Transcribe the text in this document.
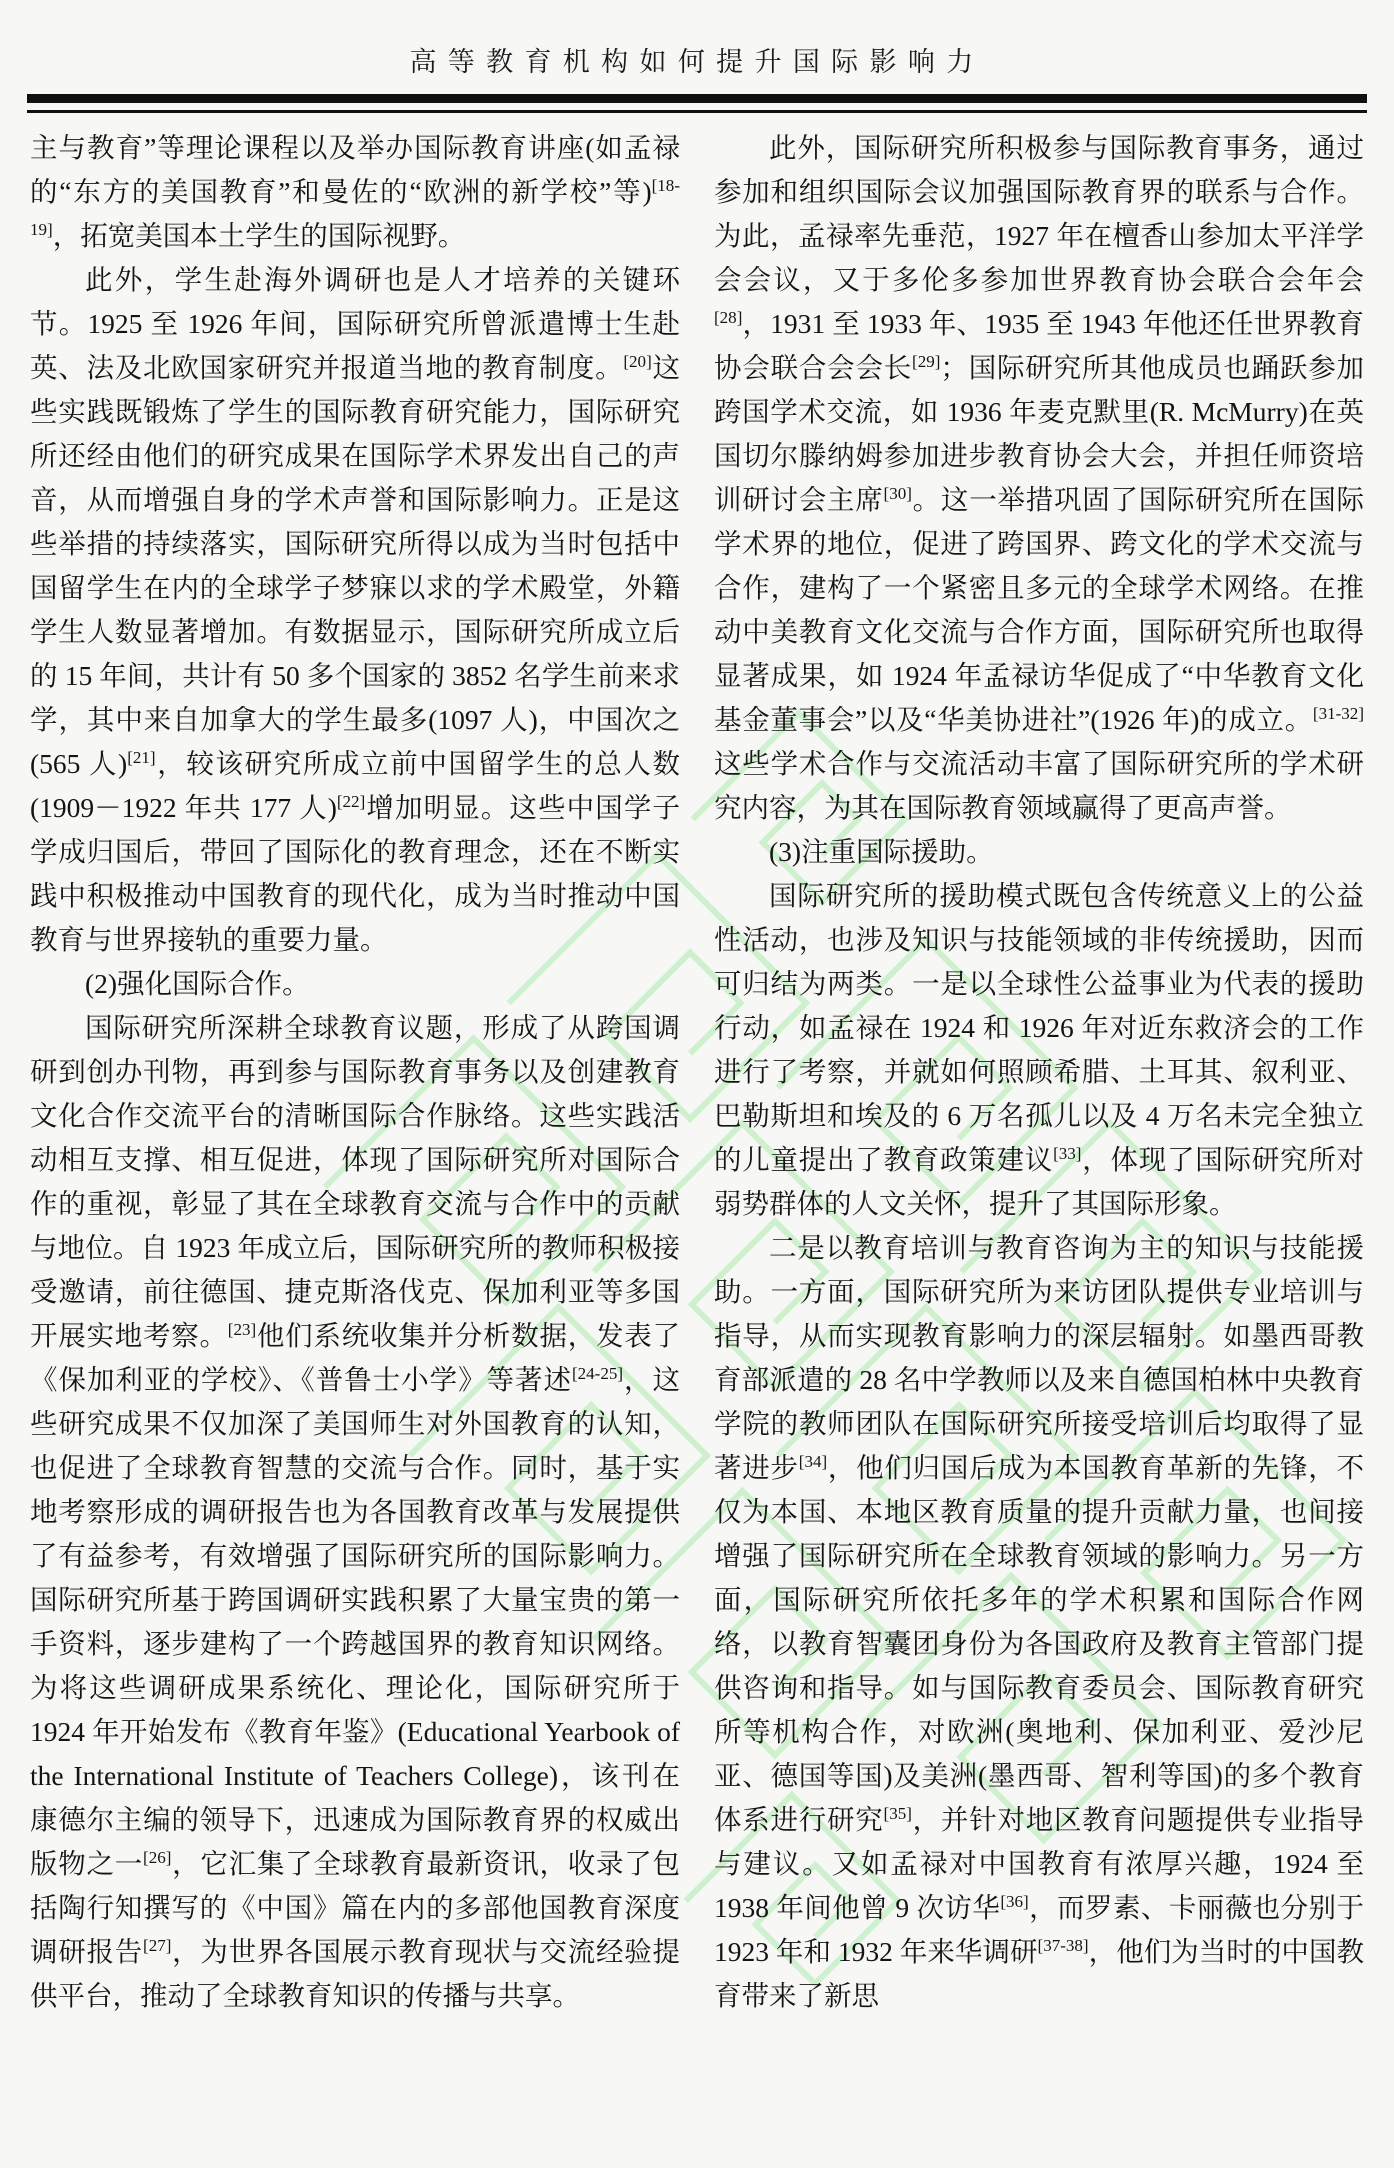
高等教育机构如何提升国际影响力

主与教育”等理论课程以及举办国际教育讲座(如孟禄的“东方的美国教育”和曼佐的“欧洲的新学校”等)[18-19]，拓宽美国本土学生的国际视野。

此外，学生赴海外调研也是人才培养的关键环节。1925 至 1926 年间，国际研究所曾派遣博士生赴英、法及北欧国家研究并报道当地的教育制度。[20]这些实践既锻炼了学生的国际教育研究能力，国际研究所还经由他们的研究成果在国际学术界发出自己的声音，从而增强自身的学术声誉和国际影响力。正是这些举措的持续落实，国际研究所得以成为当时包括中国留学生在内的全球学子梦寐以求的学术殿堂，外籍学生人数显著增加。有数据显示，国际研究所成立后的 15 年间，共计有 50 多个国家的 3852 名学生前来求学，其中来自加拿大的学生最多(1097 人)，中国次之(565 人)[21]，较该研究所成立前中国留学生的总人数(1909－1922 年共 177 人)[22]增加明显。这些中国学子学成归国后，带回了国际化的教育理念，还在不断实践中积极推动中国教育的现代化，成为当时推动中国教育与世界接轨的重要力量。

(2)强化国际合作。

国际研究所深耕全球教育议题，形成了从跨国调研到创办刊物，再到参与国际教育事务以及创建教育文化合作交流平台的清晰国际合作脉络。这些实践活动相互支撑、相互促进，体现了国际研究所对国际合作的重视，彰显了其在全球教育交流与合作中的贡献与地位。自 1923 年成立后，国际研究所的教师积极接受邀请，前往德国、捷克斯洛伐克、保加利亚等多国开展实地考察。[23]他们系统收集并分析数据，发表了《保加利亚的学校》、《普鲁士小学》等著述[24-25]，这些研究成果不仅加深了美国师生对外国教育的认知，也促进了全球教育智慧的交流与合作。同时，基于实地考察形成的调研报告也为各国教育改革与发展提供了有益参考，有效增强了国际研究所的国际影响力。国际研究所基于跨国调研实践积累了大量宝贵的第一手资料，逐步建构了一个跨越国界的教育知识网络。为将这些调研成果系统化、理论化，国际研究所于 1924 年开始发布《教育年鉴》(Educational Yearbook of the International Institute of Teachers College)，该刊在康德尔主编的领导下，迅速成为国际教育界的权威出版物之一[26]，它汇集了全球教育最新资讯，收录了包括陶行知撰写的《中国》篇在内的多部他国教育深度调研报告[27]，为世界各国展示教育现状与交流经验提供平台，推动了全球教育知识的传播与共享。

此外，国际研究所积极参与国际教育事务，通过参加和组织国际会议加强国际教育界的联系与合作。为此，孟禄率先垂范，1927 年在檀香山参加太平洋学会会议，又于多伦多参加世界教育协会联合会年会[28]，1931 至 1933 年、1935 至 1943 年他还任世界教育协会联合会会长[29]；国际研究所其他成员也踊跃参加跨国学术交流，如 1936 年麦克默里(R. McMurry)在英国切尔滕纳姆参加进步教育协会大会，并担任师资培训研讨会主席[30]。这一举措巩固了国际研究所在国际学术界的地位，促进了跨国界、跨文化的学术交流与合作，建构了一个紧密且多元的全球学术网络。在推动中美教育文化交流与合作方面，国际研究所也取得显著成果，如 1924 年孟禄访华促成了“中华教育文化基金董事会”以及“华美协进社”(1926 年)的成立。[31-32]这些学术合作与交流活动丰富了国际研究所的学术研究内容，为其在国际教育领域赢得了更高声誉。

(3)注重国际援助。

国际研究所的援助模式既包含传统意义上的公益性活动，也涉及知识与技能领域的非传统援助，因而可归结为两类。一是以全球性公益事业为代表的援助行动，如孟禄在 1924 和 1926 年对近东救济会的工作进行了考察，并就如何照顾希腊、土耳其、叙利亚、巴勒斯坦和埃及的 6 万名孤儿以及 4 万名未完全独立的儿童提出了教育政策建议[33]，体现了国际研究所对弱势群体的人文关怀，提升了其国际形象。

二是以教育培训与教育咨询为主的知识与技能援助。一方面，国际研究所为来访团队提供专业培训与指导，从而实现教育影响力的深层辐射。如墨西哥教育部派遣的 28 名中学教师以及来自德国柏林中央教育学院的教师团队在国际研究所接受培训后均取得了显著进步[34]，他们归国后成为本国教育革新的先锋，不仅为本国、本地区教育质量的提升贡献力量，也间接增强了国际研究所在全球教育领域的影响力。另一方面，国际研究所依托多年的学术积累和国际合作网络，以教育智囊团身份为各国政府及教育主管部门提供咨询和指导。如与国际教育委员会、国际教育研究所等机构合作，对欧洲(奥地利、保加利亚、爱沙尼亚、德国等国)及美洲(墨西哥、智利等国)的多个教育体系进行研究[35]，并针对地区教育问题提供专业指导与建议。又如孟禄对中国教育有浓厚兴趣，1924 至 1938 年间他曾 9 次访华[36]，而罗素、卡丽薇也分别于 1923 年和 1932 年来华调研[37-38]，他们为当时的中国教育带来了新思
